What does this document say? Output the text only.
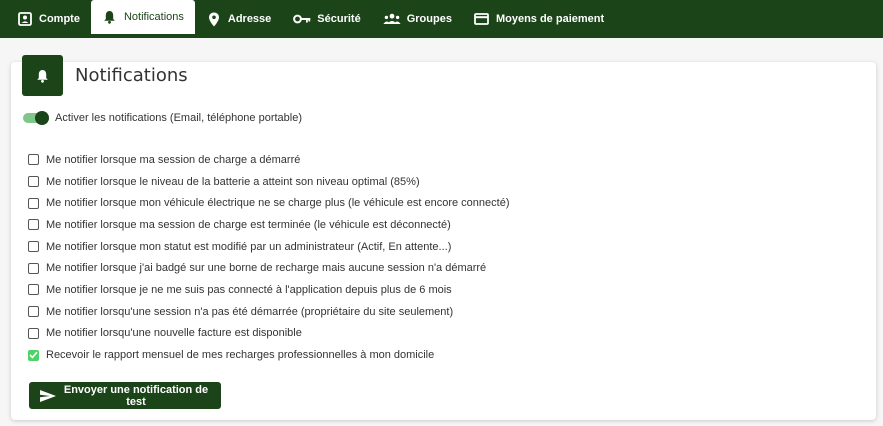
Compte	Notifications	Adresse	Sécurité	Groupes	Moyens de paiement
Notifications
Activer les notifications (Email, téléphone portable)
Me notifier lorsque ma session de charge a démarré
Me notifier lorsque le niveau de la batterie a atteint son niveau optimal (85%)
Me notifier lorsque mon véhicule électrique ne se charge plus (le véhicule est encore connecté)
Me notifier lorsque ma session de charge est terminée (le véhicule est déconnecté)
Me notifier lorsque mon statut est modifié par un administrateur (Actif, En attente...)
Me notifier lorsque j'ai badgé sur une borne de recharge mais aucune session n'a démarré
Me notifier lorsque je ne me suis pas connecté à l'application depuis plus de 6 mois
Me notifier lorsqu'une session n'a pas été démarrée (propriétaire du site seulement)
Me notifier lorsqu'une nouvelle facture est disponible
Recevoir le rapport mensuel de mes recharges professionnelles à mon domicile
Envoyer une notification de test
